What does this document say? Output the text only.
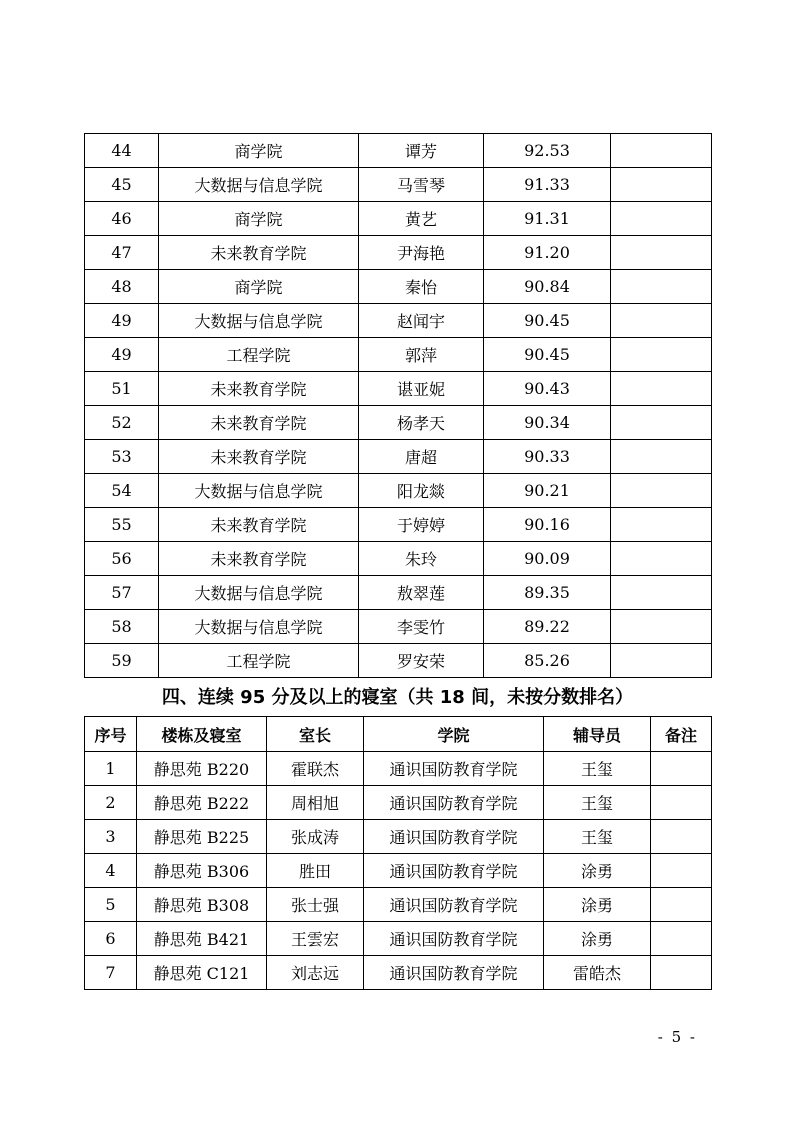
44	商学院	谭芳	92.53	
45	大数据与信息学院	马雪琴	91.33	
46	商学院	黄艺	91.31	
47	未来教育学院	尹海艳	91.20	
48	商学院	秦怡	90.84	
49	大数据与信息学院	赵闻宇	90.45	
49	工程学院	郭萍	90.45	
51	未来教育学院	谌亚妮	90.43	
52	未来教育学院	杨孝天	90.34	
53	未来教育学院	唐超	90.33	
54	大数据与信息学院	阳龙燚	90.21	
55	未来教育学院	于婷婷	90.16	
56	未来教育学院	朱玲	90.09	
57	大数据与信息学院	敖翠莲	89.35	
58	大数据与信息学院	李雯竹	89.22	
59	工程学院	罗安荣	85.26	
四、连续 95 分及以上的寝室（共 18 间，未按分数排名）
序号	楼栋及寝室	室长	学院	辅导员	备注
1	静思苑 B220	霍联杰	通识国防教育学院	王玺	
2	静思苑 B222	周相旭	通识国防教育学院	王玺	
3	静思苑 B225	张成涛	通识国防教育学院	王玺	
4	静思苑 B306	胜田	通识国防教育学院	涂勇	
5	静思苑 B308	张士强	通识国防教育学院	涂勇	
6	静思苑 B421	王雲宏	通识国防教育学院	涂勇	
7	静思苑 C121	刘志远	通识国防教育学院	雷皓杰	
- 5 -
